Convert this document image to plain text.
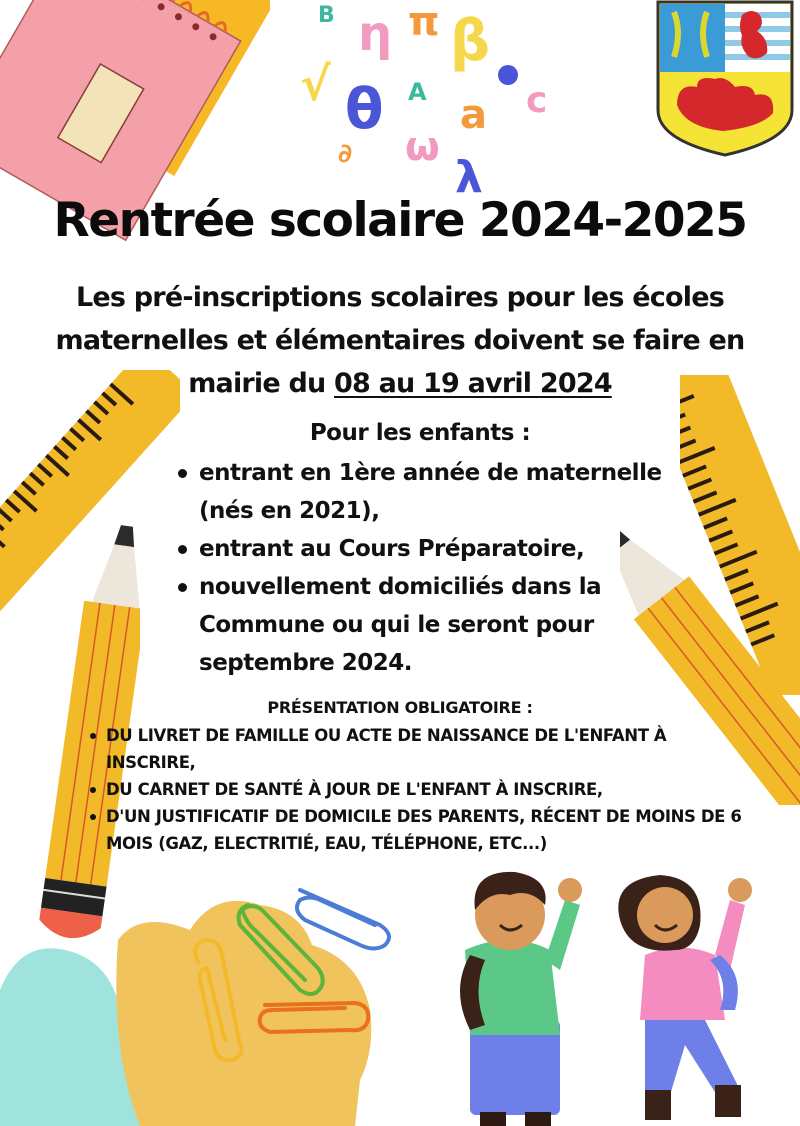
B η π β
√ θ A	c
a
∂ ω
λ
Rentrée scolaire 2024-2025
Les pré-inscriptions scolaires pour les écoles maternelles et élémentaires doivent se faire en mairie du 08 au 19 avril 2024
Pour les enfants :
entrant en 1ère année de maternelle (nés en 2021),
entrant au Cours Préparatoire,
nouvellement domiciliés dans la Commune ou qui le seront pour septembre 2024.
PRÉSENTATION OBLIGATOIRE :
DU LIVRET DE FAMILLE OU ACTE DE NAISSANCE DE L'ENFANT À INSCRIRE,
DU CARNET DE SANTÉ À JOUR DE L'ENFANT À INSCRIRE,
D'UN JUSTIFICATIF DE DOMICILE DES PARENTS, RÉCENT DE MOINS DE 6 MOIS (GAZ, ELECTRITIÉ, EAU, TÉLÉPHONE, ETC...)
